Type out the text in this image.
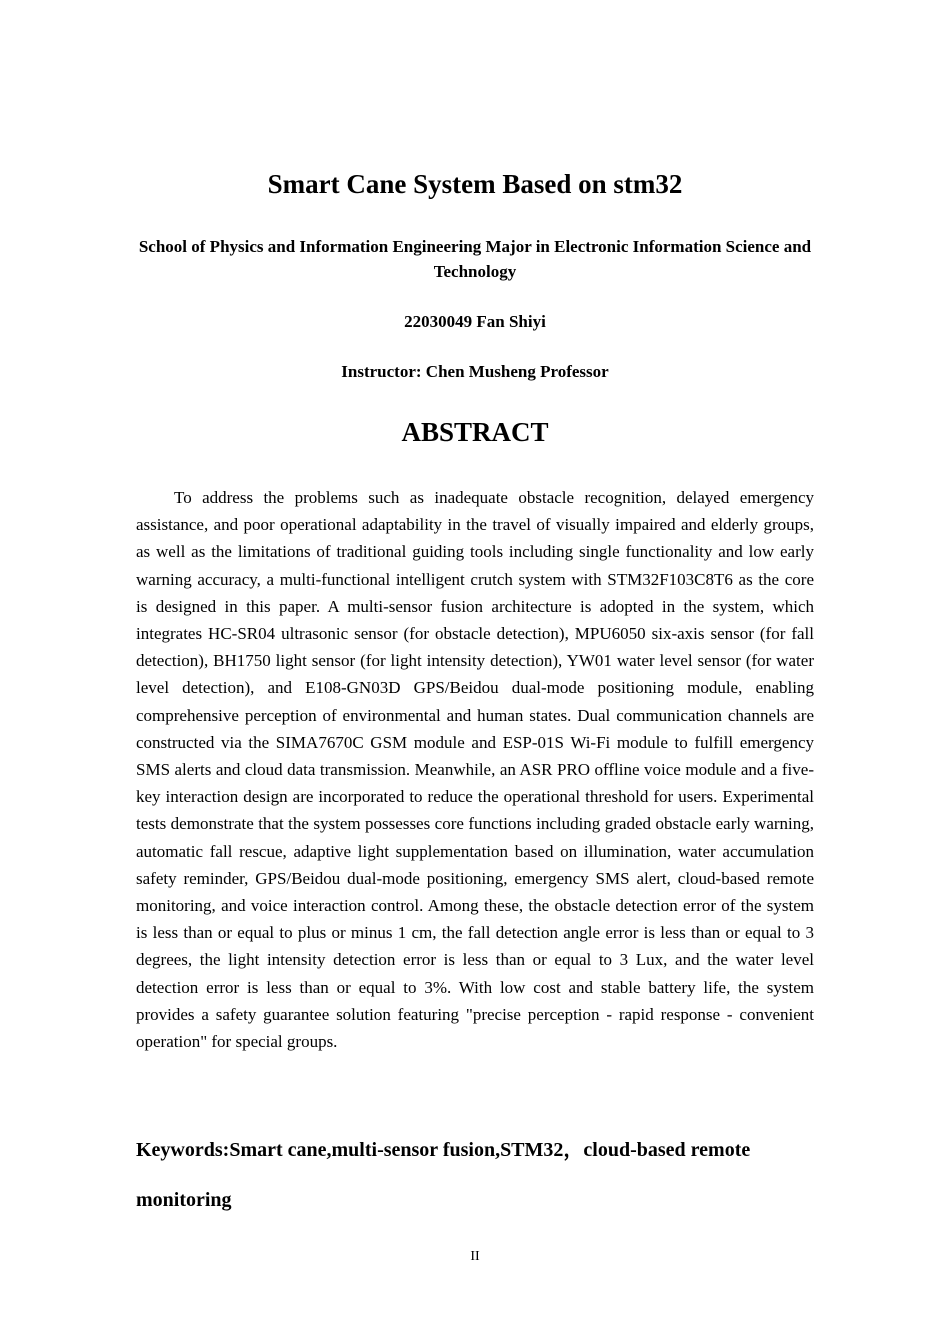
Smart Cane System Based on stm32

School of Physics and Information Engineering Major in Electronic Information Science and Technology

22030049 Fan Shiyi

Instructor: Chen Musheng Professor

ABSTRACT

To address the problems such as inadequate obstacle recognition, delayed emergency assistance, and poor operational adaptability in the travel of visually impaired and elderly groups, as well as the limitations of traditional guiding tools including single functionality and low early warning accuracy, a multi-functional intelligent crutch system with STM32F103C8T6 as the core is designed in this paper. A multi-sensor fusion architecture is adopted in the system, which integrates HC-SR04 ultrasonic sensor (for obstacle detection), MPU6050 six-axis sensor (for fall detection), BH1750 light sensor (for light intensity detection), YW01 water level sensor (for water level detection), and E108-GN03D GPS/Beidou dual-mode positioning module, enabling comprehensive perception of environmental and human states. Dual communication channels are constructed via the SIMA7670C GSM module and ESP-01S Wi-Fi module to fulfill emergency SMS alerts and cloud data transmission. Meanwhile, an ASR PRO offline voice module and a five-key interaction design are incorporated to reduce the operational threshold for users. Experimental tests demonstrate that the system possesses core functions including graded obstacle early warning, automatic fall rescue, adaptive light supplementation based on illumination, water accumulation safety reminder, GPS/Beidou dual-mode positioning, emergency SMS alert, cloud-based remote monitoring, and voice interaction control. Among these, the obstacle detection error of the system is less than or equal to plus or minus 1 cm, the fall detection angle error is less than or equal to 3 degrees, the light intensity detection error is less than or equal to 3 Lux, and the water level detection error is less than or equal to 3%. With low cost and stable battery life, the system provides a safety guarantee solution featuring "precise perception - rapid response - convenient operation" for special groups.

Keywords:Smart cane,multi-sensor fusion,STM32，cloud-based remote monitoring

II
